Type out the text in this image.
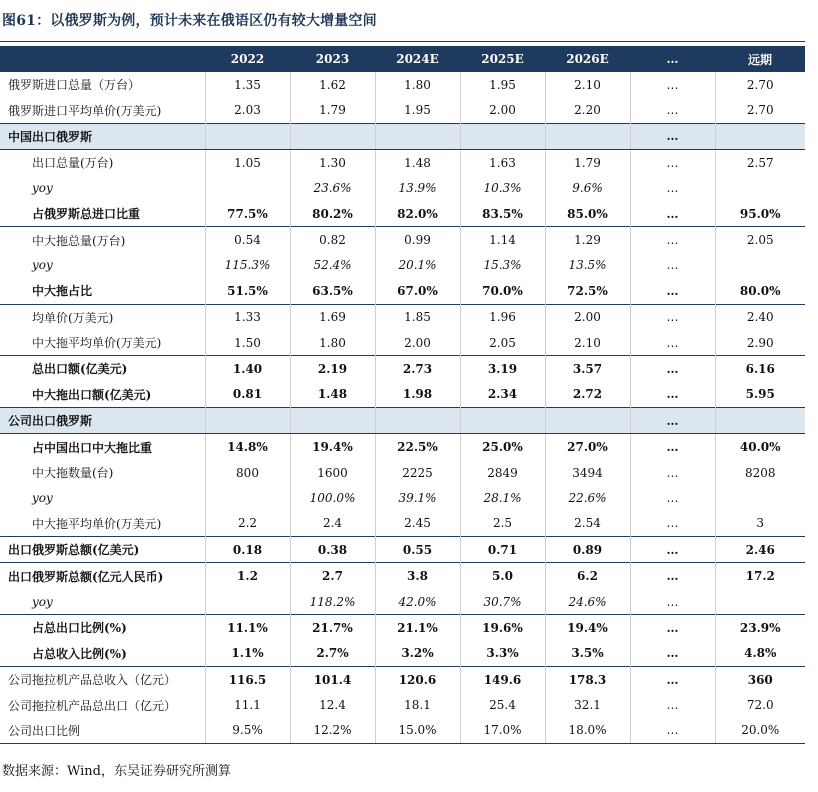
图61：以俄罗斯为例，预计未来在俄语区仍有较大增量空间
	2022	2023	2024E	2025E	2026E	…	远期
俄罗斯进口总量（万台）	1.35	1.62	1.80	1.95	2.10	…	2.70
俄罗斯进口平均单价(万美元)	2.03	1.79	1.95	2.00	2.20	…	2.70
中国出口俄罗斯						…	
出口总量(万台)	1.05	1.30	1.48	1.63	1.79	…	2.57
yoy		23.6%	13.9%	10.3%	9.6%	…	
占俄罗斯总进口比重	77.5%	80.2%	82.0%	83.5%	85.0%	…	95.0%
中大拖总量(万台)	0.54	0.82	0.99	1.14	1.29	…	2.05
yoy	115.3%	52.4%	20.1%	15.3%	13.5%	…	
中大拖占比	51.5%	63.5%	67.0%	70.0%	72.5%	…	80.0%
均单价(万美元)	1.33	1.69	1.85	1.96	2.00	…	2.40
中大拖平均单价(万美元)	1.50	1.80	2.00	2.05	2.10	…	2.90
总出口额(亿美元)	1.40	2.19	2.73	3.19	3.57	…	6.16
中大拖出口额(亿美元)	0.81	1.48	1.98	2.34	2.72	…	5.95
公司出口俄罗斯						…	
占中国出口中大拖比重	14.8%	19.4%	22.5%	25.0%	27.0%	…	40.0%
中大拖数量(台)	800	1600	2225	2849	3494	…	8208
yoy		100.0%	39.1%	28.1%	22.6%	…	
中大拖平均单价(万美元)	2.2	2.4	2.45	2.5	2.54	…	3
出口俄罗斯总额(亿美元)	0.18	0.38	0.55	0.71	0.89	…	2.46
出口俄罗斯总额(亿元人民币)	1.2	2.7	3.8	5.0	6.2	…	17.2
yoy		118.2%	42.0%	30.7%	24.6%	…	
占总出口比例(%)	11.1%	21.7%	21.1%	19.6%	19.4%	…	23.9%
占总收入比例(%)	1.1%	2.7%	3.2%	3.3%	3.5%	…	4.8%
公司拖拉机产品总收入（亿元）	116.5	101.4	120.6	149.6	178.3	…	360
公司拖拉机产品总出口（亿元）	11.1	12.4	18.1	25.4	32.1	…	72.0
公司出口比例	9.5%	12.2%	15.0%	17.0%	18.0%	…	20.0%
数据来源：Wind，东吴证券研究所测算
